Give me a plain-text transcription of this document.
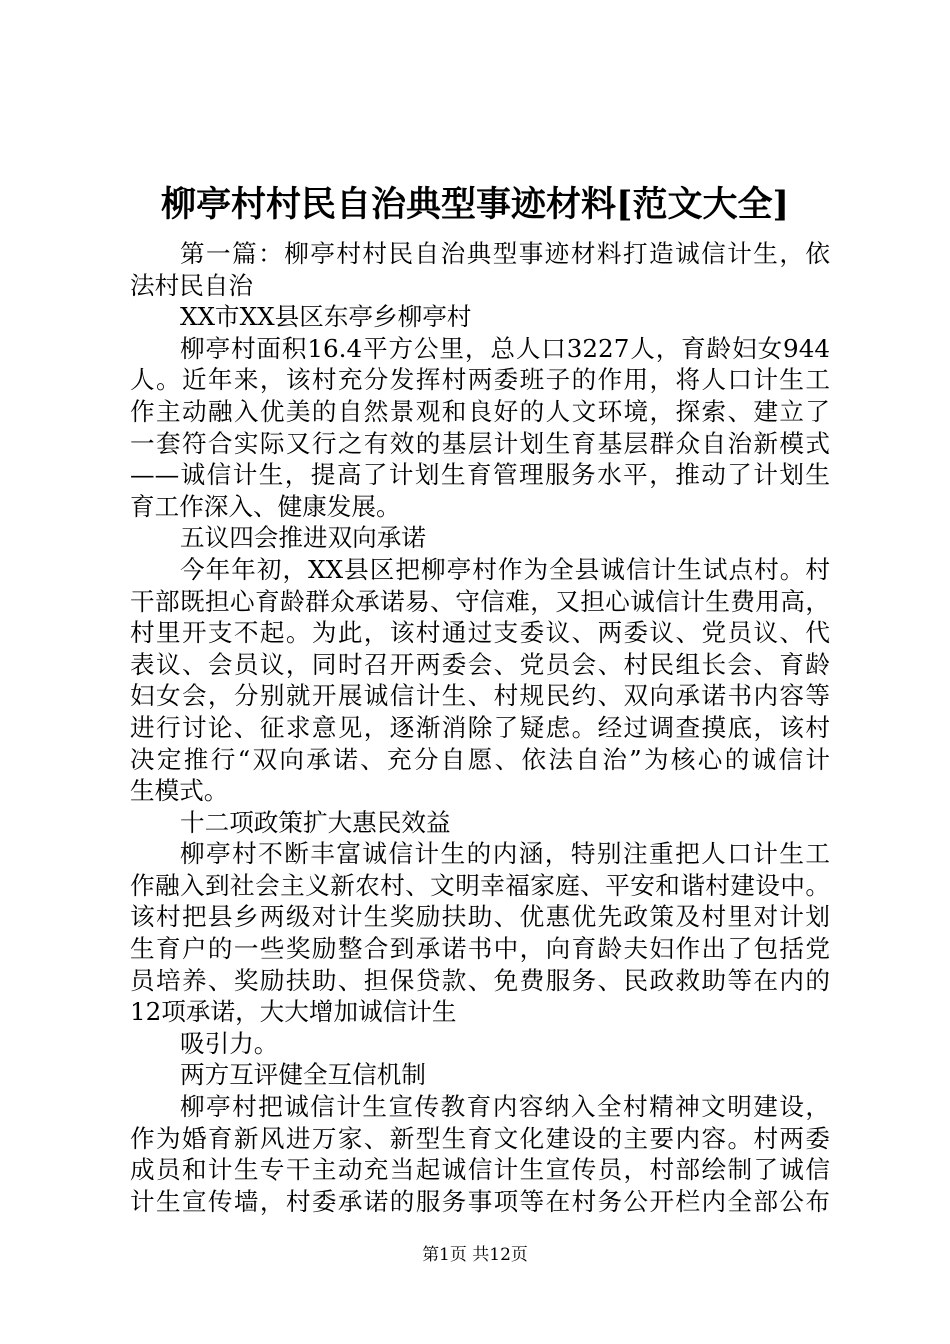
柳亭村村民自治典型事迹材料[范文大全]
第一篇：柳亭村村民自治典型事迹材料打造诚信计生，依
法村民自治
XX市XX县区东亭乡柳亭村
柳亭村面积16.4平方公里，总人口3227人，育龄妇女944
人。近年来，该村充分发挥村两委班子的作用，将人口计生工
作主动融入优美的自然景观和良好的人文环境，探索、建立了
一套符合实际又行之有效的基层计划生育基层群众自治新模式
——诚信计生，提高了计划生育管理服务水平，推动了计划生
育工作深入、健康发展。
五议四会推进双向承诺
今年年初，XX县区把柳亭村作为全县诚信计生试点村。村
干部既担心育龄群众承诺易、守信难，又担心诚信计生费用高，
村里开支不起。为此，该村通过支委议、两委议、党员议、代
表议、会员议，同时召开两委会、党员会、村民组长会、育龄
妇女会，分别就开展诚信计生、村规民约、双向承诺书内容等
进行讨论、征求意见，逐渐消除了疑虑。经过调查摸底，该村
决定推行“双向承诺、充分自愿、依法自治”为核心的诚信计
生模式。
十二项政策扩大惠民效益
柳亭村不断丰富诚信计生的内涵，特别注重把人口计生工
作融入到社会主义新农村、文明幸福家庭、平安和谐村建设中。
该村把县乡两级对计生奖励扶助、优惠优先政策及村里对计划
生育户的一些奖励整合到承诺书中，向育龄夫妇作出了包括党
员培养、奖励扶助、担保贷款、免费服务、民政救助等在内的
12项承诺，大大增加诚信计生
吸引力。
两方互评健全互信机制
柳亭村把诚信计生宣传教育内容纳入全村精神文明建设，
作为婚育新风进万家、新型生育文化建设的主要内容。村两委
成员和计生专干主动充当起诚信计生宣传员，村部绘制了诚信
计生宣传墙，村委承诺的服务事项等在村务公开栏内全部公布
第1页 共12页
